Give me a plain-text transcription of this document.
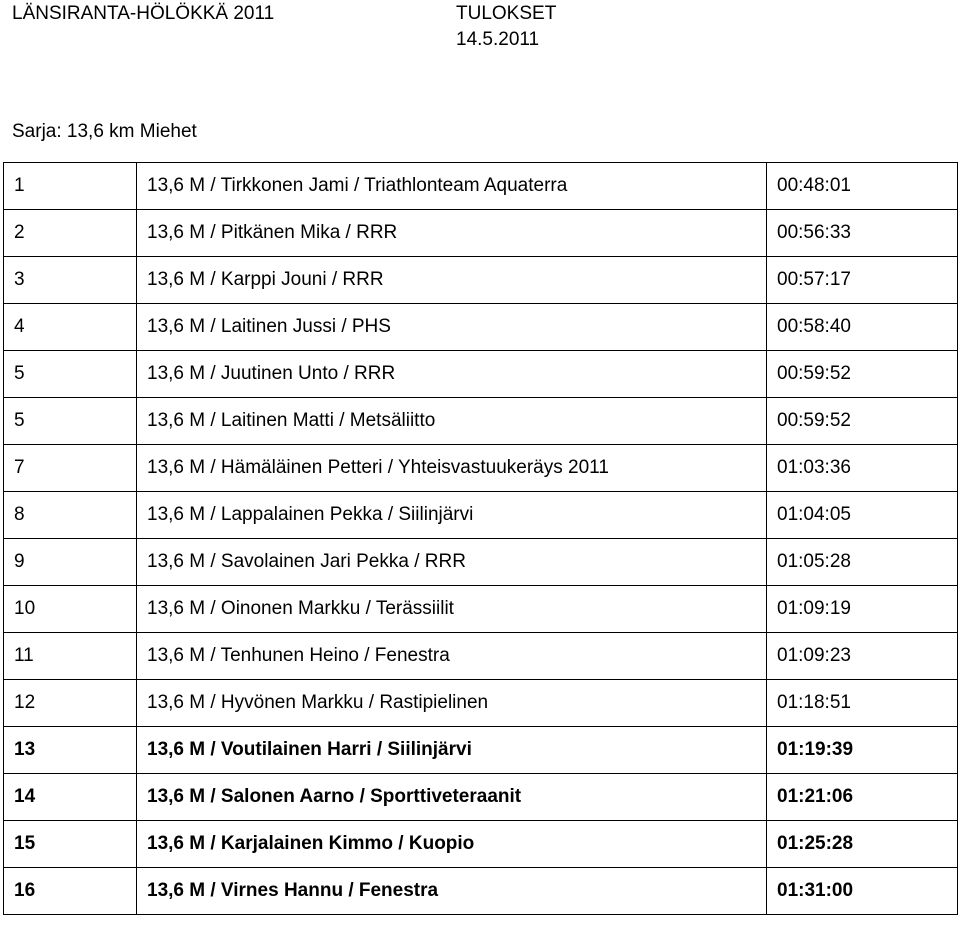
LÄNSIRANTA-HÖLÖKKÄ 2011	TULOKSET
14.5.2011
Sarja: 13,6 km Miehet
1	13,6 M / Tirkkonen Jami / Triathlonteam Aquaterra	00:48:01
2	13,6 M / Pitkänen Mika / RRR	00:56:33
3	13,6 M / Karppi Jouni / RRR	00:57:17
4	13,6 M / Laitinen Jussi / PHS	00:58:40
5	13,6 M / Juutinen Unto / RRR	00:59:52
5	13,6 M / Laitinen Matti / Metsäliitto	00:59:52
7	13,6 M / Hämäläinen Petteri / Yhteisvastuukeräys 2011	01:03:36
8	13,6 M / Lappalainen Pekka / Siilinjärvi	01:04:05
9	13,6 M / Savolainen Jari Pekka / RRR	01:05:28
10	13,6 M / Oinonen Markku / Terässiilit	01:09:19
11	13,6 M / Tenhunen Heino / Fenestra	01:09:23
12	13,6 M / Hyvönen Markku / Rastipielinen	01:18:51
13	13,6 M / Voutilainen Harri / Siilinjärvi	01:19:39
14	13,6 M / Salonen Aarno / Sporttiveteraanit	01:21:06
15	13,6 M / Karjalainen Kimmo / Kuopio	01:25:28
16	13,6 M / Virnes Hannu / Fenestra	01:31:00
